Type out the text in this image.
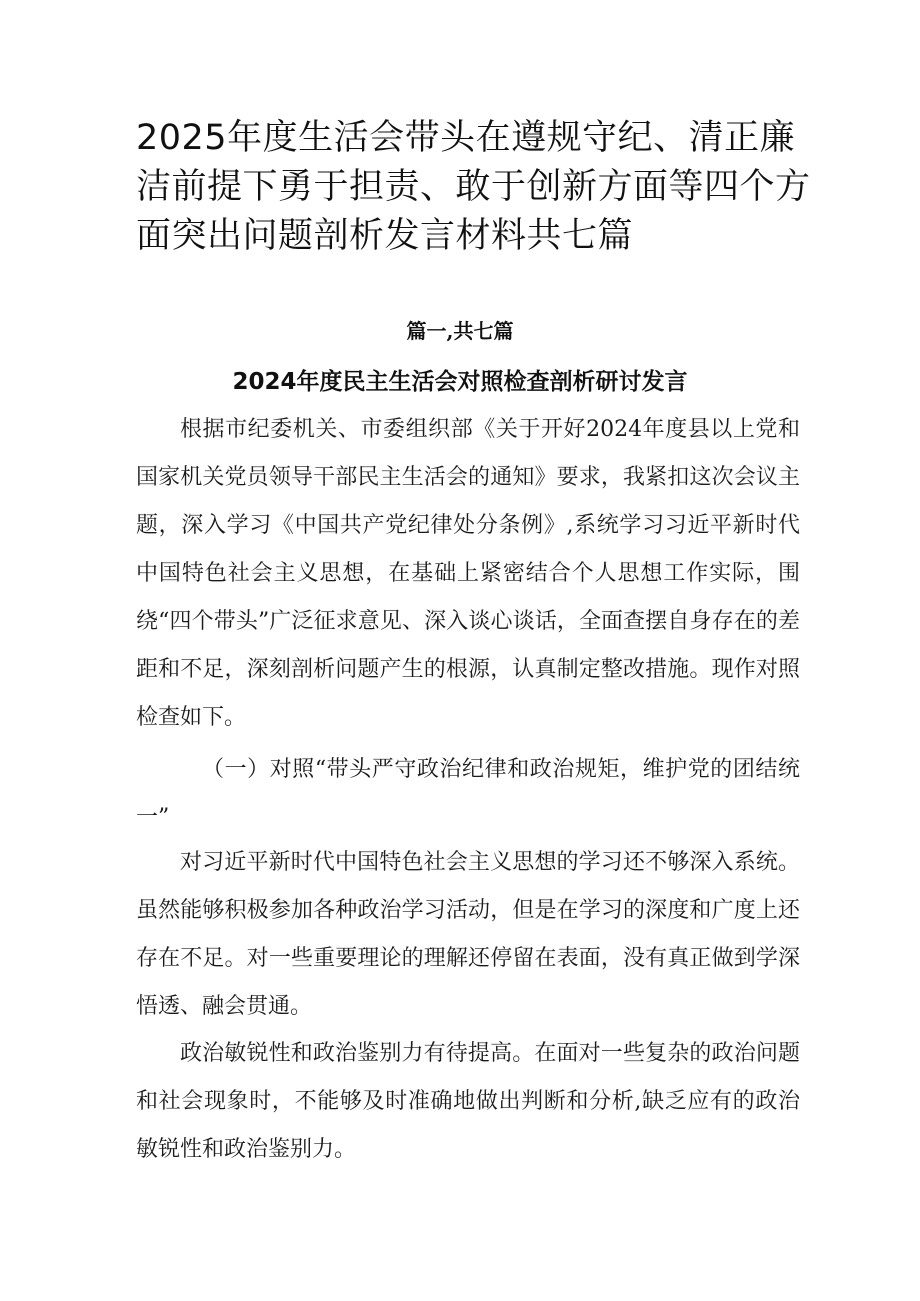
2025年度生活会带头在遵规守纪、清正廉洁前提下勇于担责、敢于创新方面等四个方面突出问题剖析发言材料共七篇
篇一,共七篇
2024年度民主生活会对照检查剖析研讨发言

根据市纪委机关、市委组织部《关于开好2024年度县以上党和国家机关党员领导干部民主生活会的通知》要求，我紧扣这次会议主题，深入学习《中国共产党纪律处分条例》,系统学习习近平新时代中国特色社会主义思想，在基础上紧密结合个人思想工作实际，围绕“四个带头”广泛征求意见、深入谈心谈话，全面查摆自身存在的差距和不足，深刻剖析问题产生的根源，认真制定整改措施。现作对照检查如下。

（一）对照“带头严守政治纪律和政治规矩，维护党的团结统一”

对习近平新时代中国特色社会主义思想的学习还不够深入系统。虽然能够积极参加各种政治学习活动，但是在学习的深度和广度上还存在不足。对一些重要理论的理解还停留在表面，没有真正做到学深悟透、融会贯通。

政治敏锐性和政治鉴别力有待提高。在面对一些复杂的政治问题和社会现象时，不能够及时准确地做出判断和分析,缺乏应有的政治敏锐性和政治鉴别力。
